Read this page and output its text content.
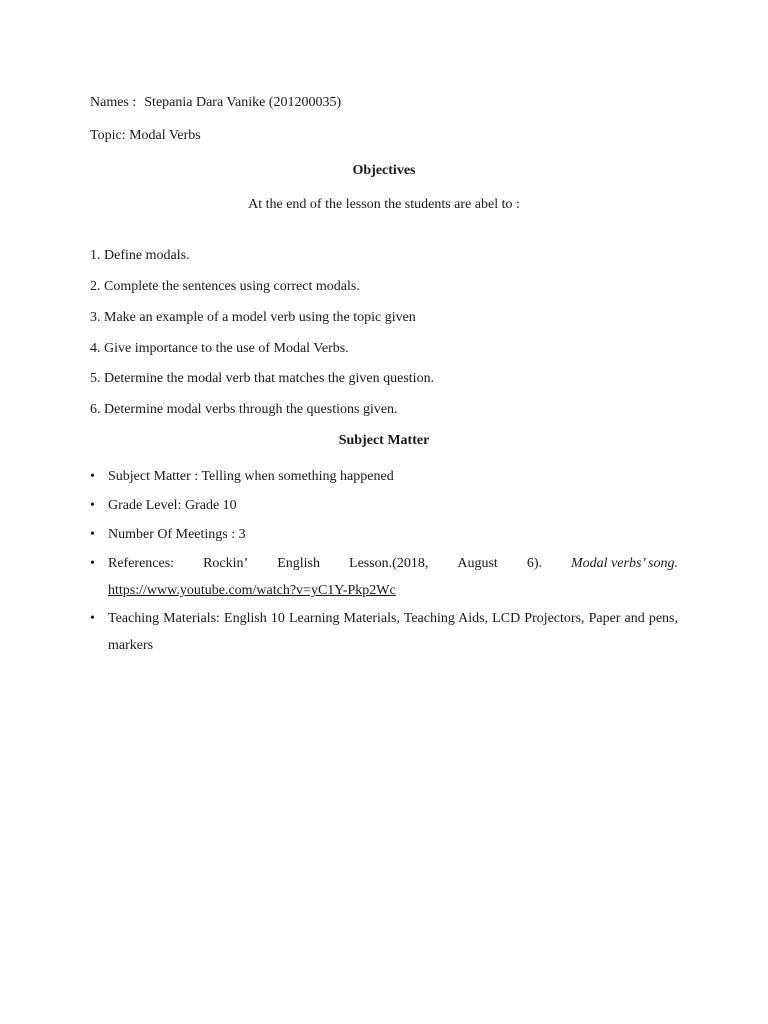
Names : Stepania Dara Vanike (201200035)
Topic: Modal Verbs
Objectives
At the end of the lesson the students are abel to :
1. Define modals.
2. Complete the sentences using correct modals.
3. Make an example of a model verb using the topic given
4. Give importance to the use of Modal Verbs.
5. Determine the modal verb that matches the given question.
6. Determine modal verbs through the questions given.
Subject Matter
• Subject Matter : Telling when something happened
• Grade Level: Grade 10
• Number Of Meetings : 3
• References: Rockin’ English Lesson.(2018, August 6). Modal verbs’ song.
https://www.youtube.com/watch?v=yC1Y-Pkp2Wc
• Teaching Materials: English 10 Learning Materials, Teaching Aids, LCD Projectors, Paper and pens, markers
